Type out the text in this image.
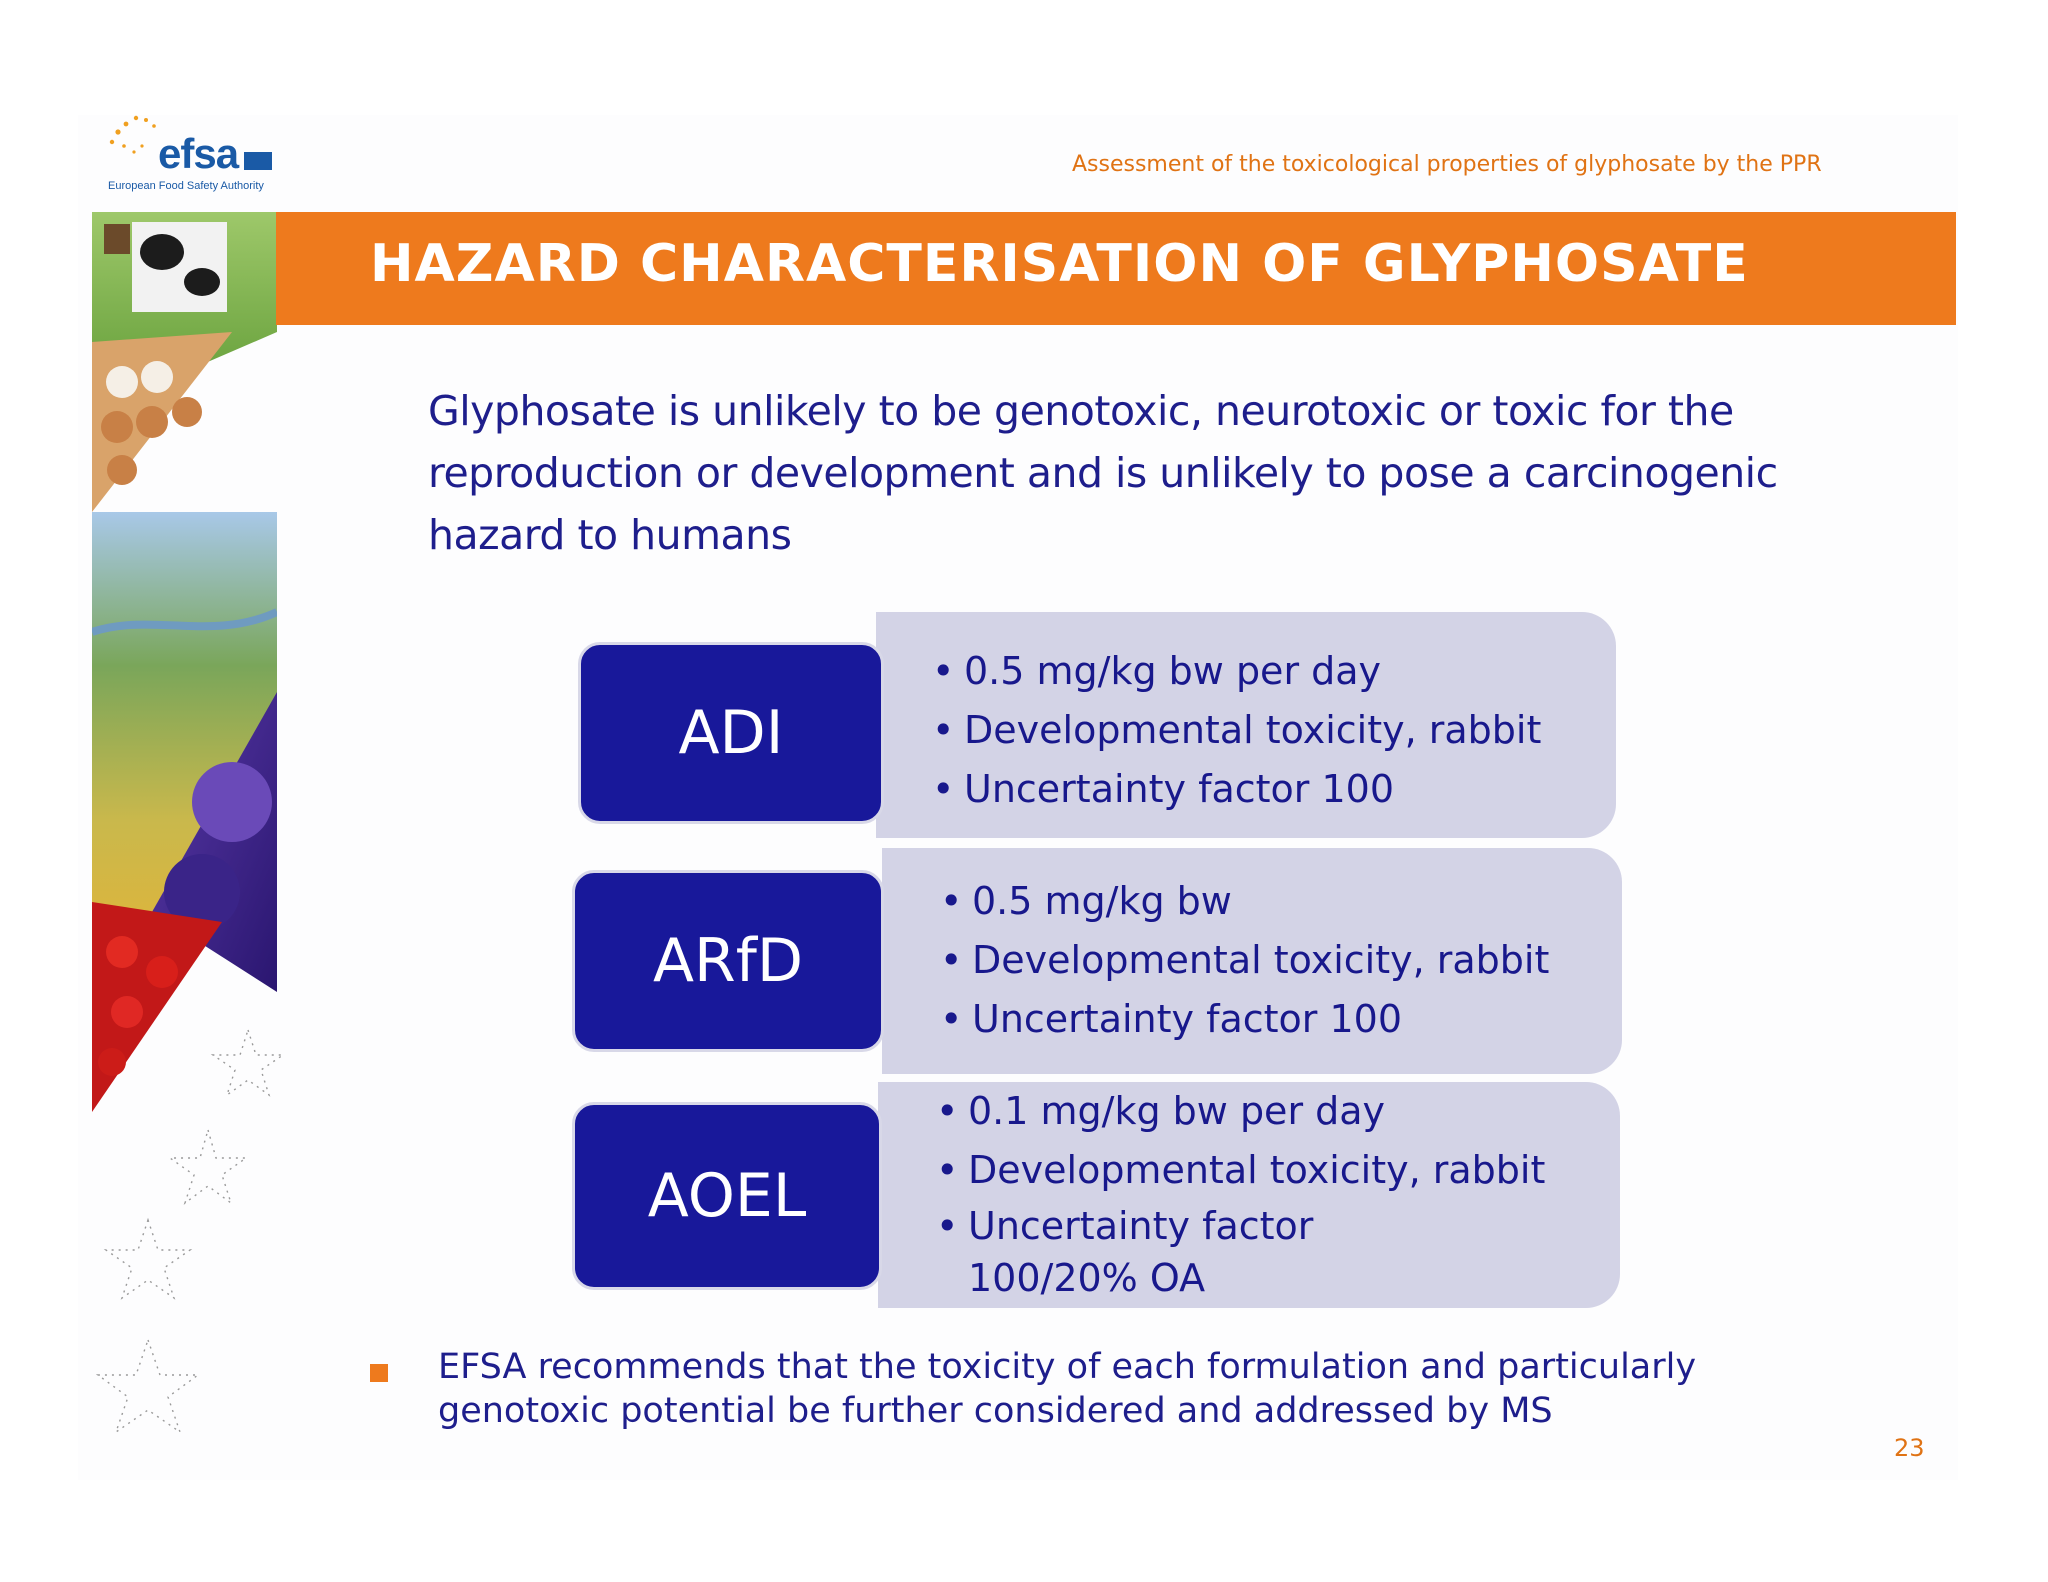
efsa
European Food Safety Authority
Assessment of the toxicological properties of glyphosate by the PPR
HAZARD CHARACTERISATION OF GLYPHOSATE
Glyphosate is unlikely to be genotoxic, neurotoxic or toxic for the reproduction or development and is unlikely to pose a carcinogenic hazard to humans
• 0.5 mg/kg bw per day
• Developmental toxicity, rabbit
• Uncertainty factor 100
ADI
• 0.5 mg/kg bw
• Developmental toxicity, rabbit
• Uncertainty factor 100
ARfD
• 0.1 mg/kg bw per day
• Developmental toxicity, rabbit
• Uncertainty factor 100/20% OA
AOEL
EFSA recommends that the toxicity of each formulation and particularly genotoxic potential be further considered and addressed by MS
23
